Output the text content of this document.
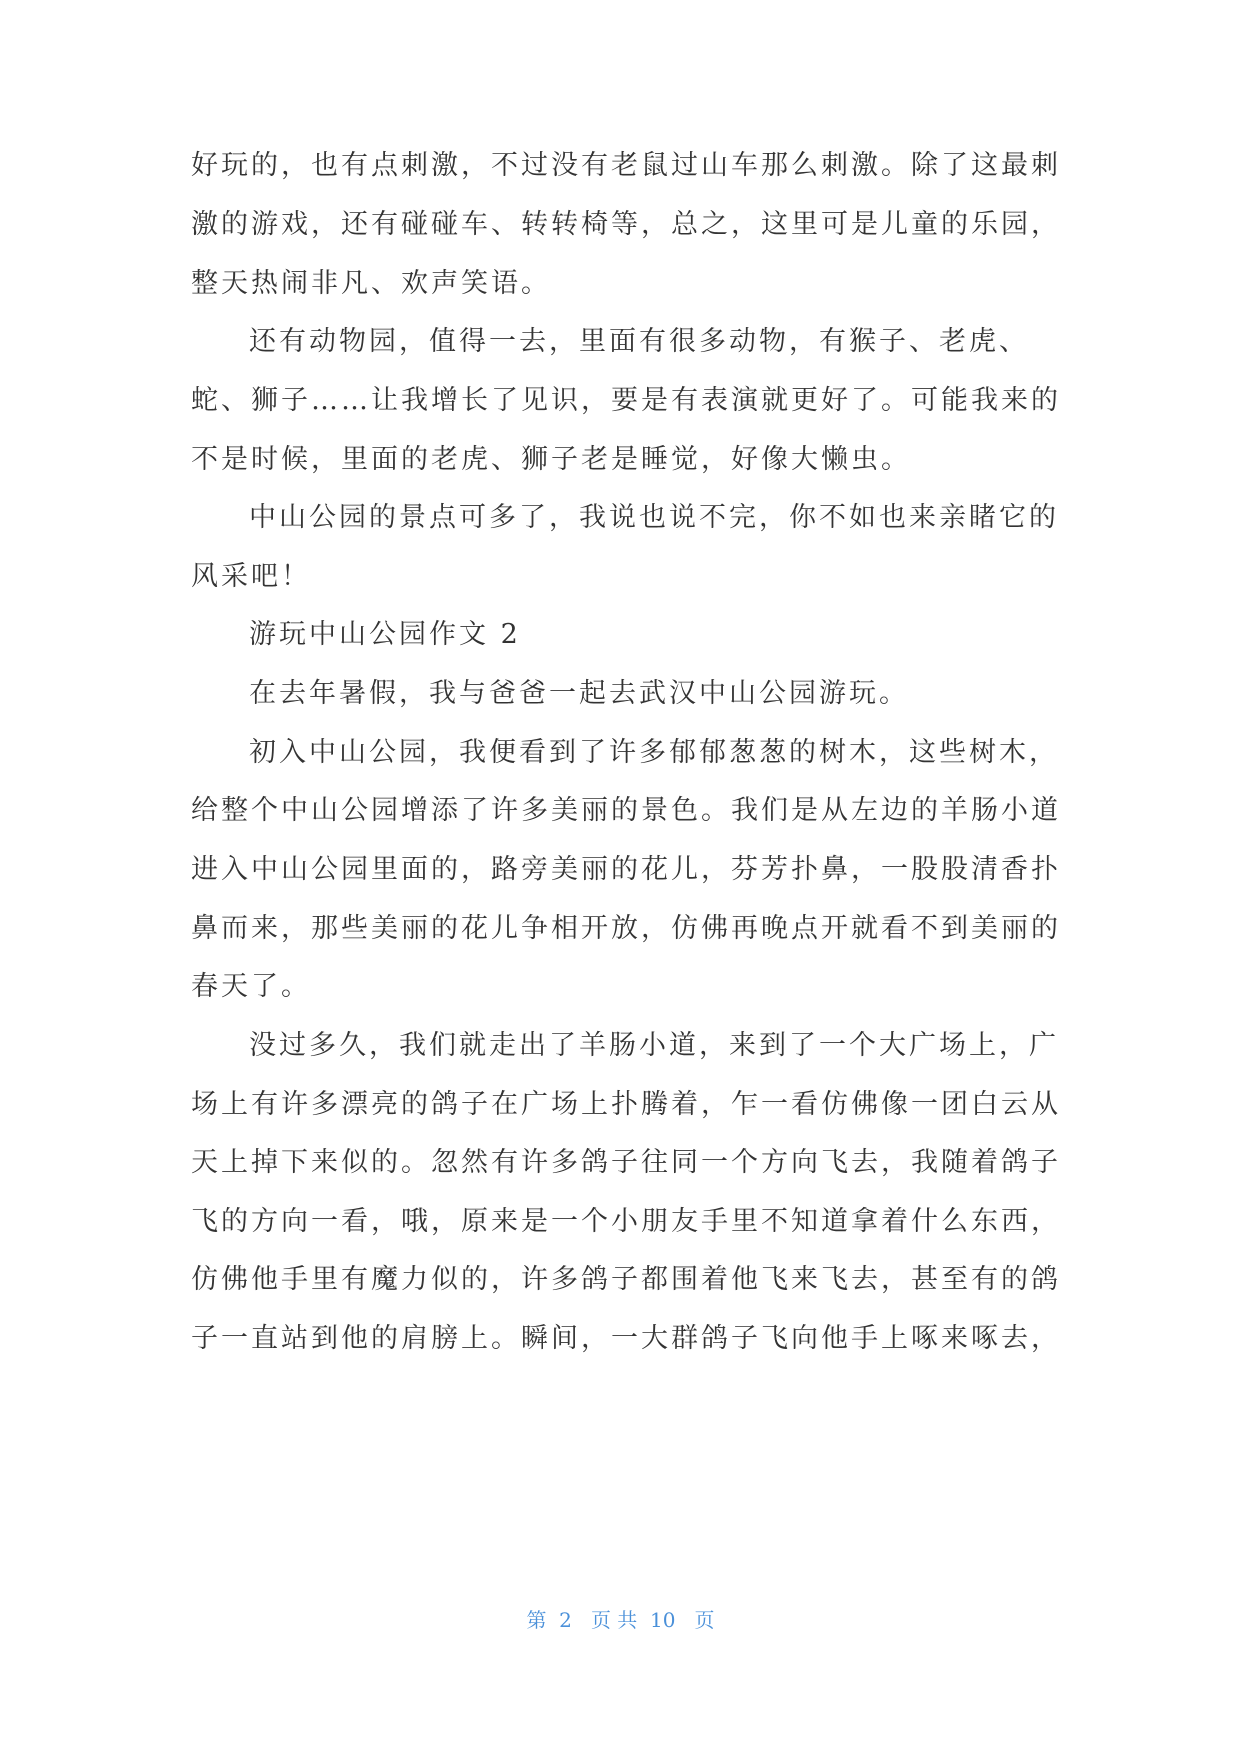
好玩的，也有点刺激，不过没有老鼠过山车那么刺激。除了这最刺
激的游戏，还有碰碰车、转转椅等，总之，这里可是儿童的乐园，
整天热闹非凡、欢声笑语。
还有动物园，值得一去，里面有很多动物，有猴子、老虎、
蛇、狮子……让我增长了见识，要是有表演就更好了。可能我来的
不是时候，里面的老虎、狮子老是睡觉，好像大懒虫。
中山公园的景点可多了，我说也说不完，你不如也来亲睹它的
风采吧！
游玩中山公园作文 2
在去年暑假，我与爸爸一起去武汉中山公园游玩。
初入中山公园，我便看到了许多郁郁葱葱的树木，这些树木，
给整个中山公园增添了许多美丽的景色。我们是从左边的羊肠小道
进入中山公园里面的，路旁美丽的花儿，芬芳扑鼻，一股股清香扑
鼻而来，那些美丽的花儿争相开放，仿佛再晚点开就看不到美丽的
春天了。
没过多久，我们就走出了羊肠小道，来到了一个大广场上，广
场上有许多漂亮的鸽子在广场上扑腾着，乍一看仿佛像一团白云从
天上掉下来似的。忽然有许多鸽子往同一个方向飞去，我随着鸽子
飞的方向一看，哦，原来是一个小朋友手里不知道拿着什么东西，
仿佛他手里有魔力似的，许多鸽子都围着他飞来飞去，甚至有的鸽
子一直站到他的肩膀上。瞬间，一大群鸽子飞向他手上啄来啄去，
第  2   页 共  10   页
